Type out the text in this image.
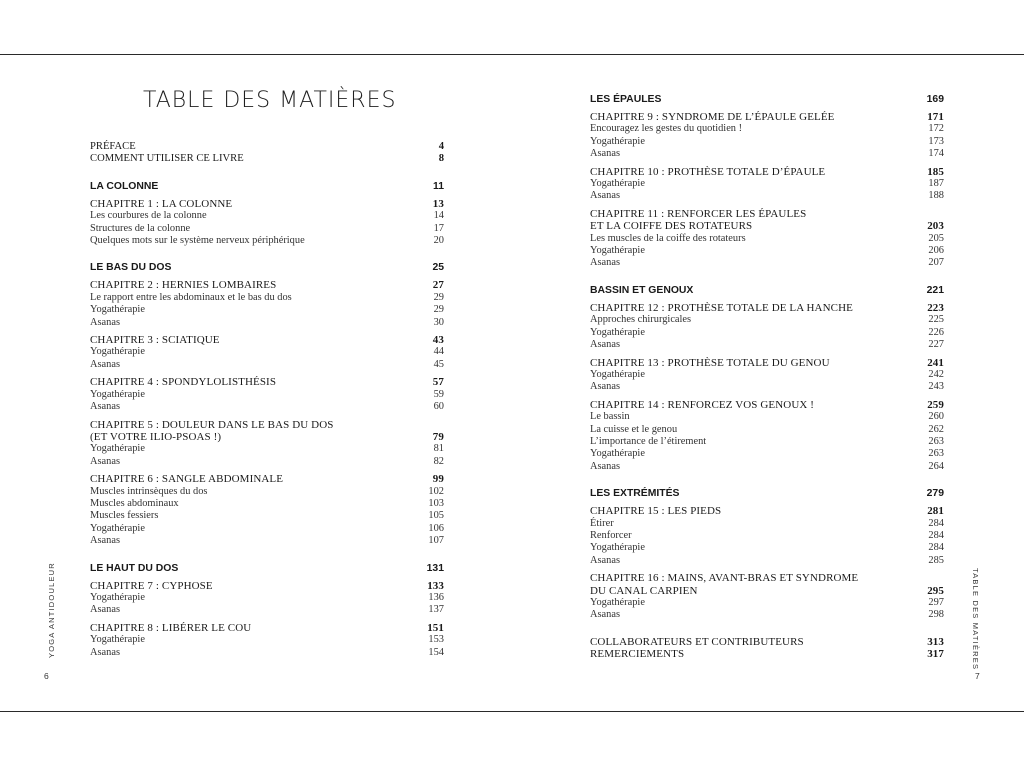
TABLE DES MATIÈRES
PRÉFACE	4
COMMENT UTILISER CE LIVRE	8
LA COLONNE	11
CHAPITRE 1 : LA COLONNE	13
Les courbures de la colonne	14
Structures de la colonne	17
Quelques mots sur le système nerveux périphérique	20
LE BAS DU DOS	25
CHAPITRE 2 : HERNIES LOMBAIRES	27
Le rapport entre les abdominaux et le bas du dos	29
Yogathérapie	29
Asanas	30
CHAPITRE 3 : SCIATIQUE	43
Yogathérapie	44
Asanas	45
CHAPITRE 4 : SPONDYLOLISTHÉSIS	57
Yogathérapie	59
Asanas	60
CHAPITRE 5 : DOULEUR DANS LE BAS DU DOS
(ET VOTRE ILIO-PSOAS !)	79
Yogathérapie	81
Asanas	82
CHAPITRE 6 : SANGLE ABDOMINALE	99
Muscles intrinsèques du dos	102
Muscles abdominaux	103
Muscles fessiers	105
Yogathérapie	106
Asanas	107
LE HAUT DU DOS	131
CHAPITRE 7 : CYPHOSE	133
Yogathérapie	136
Asanas	137
CHAPITRE 8 : LIBÉRER LE COU	151
Yogathérapie	153
Asanas	154
LES ÉPAULES	169
CHAPITRE 9 : SYNDROME DE L’ÉPAULE GELÉE	171
Encouragez les gestes du quotidien !	172
Yogathérapie	173
Asanas	174
CHAPITRE 10 : PROTHÈSE TOTALE D’ÉPAULE	185
Yogathérapie	187
Asanas	188
CHAPITRE 11 : RENFORCER LES ÉPAULES
ET LA COIFFE DES ROTATEURS	203
Les muscles de la coiffe des rotateurs	205
Yogathérapie	206
Asanas	207
BASSIN ET GENOUX	221
CHAPITRE 12 : PROTHÈSE TOTALE DE LA HANCHE	223
Approches chirurgicales	225
Yogathérapie	226
Asanas	227
CHAPITRE 13 : PROTHÈSE TOTALE DU GENOU	241
Yogathérapie	242
Asanas	243
CHAPITRE 14 : RENFORCEZ VOS GENOUX !	259
Le bassin	260
La cuisse et le genou	262
L’importance de l’étirement	263
Yogathérapie	263
Asanas	264
LES EXTRÉMITÉS	279
CHAPITRE 15 : LES PIEDS	281
Étirer	284
Renforcer	284
Yogathérapie	284
Asanas	285
CHAPITRE 16 : MAINS, AVANT-BRAS ET SYNDROME
DU CANAL CARPIEN	295
Yogathérapie	297
Asanas	298
COLLABORATEURS ET CONTRIBUTEURS	313
REMERCIEMENTS	317
YOGA ANTIDOULEUR	TABLE DES MATIÈRES
6	7
